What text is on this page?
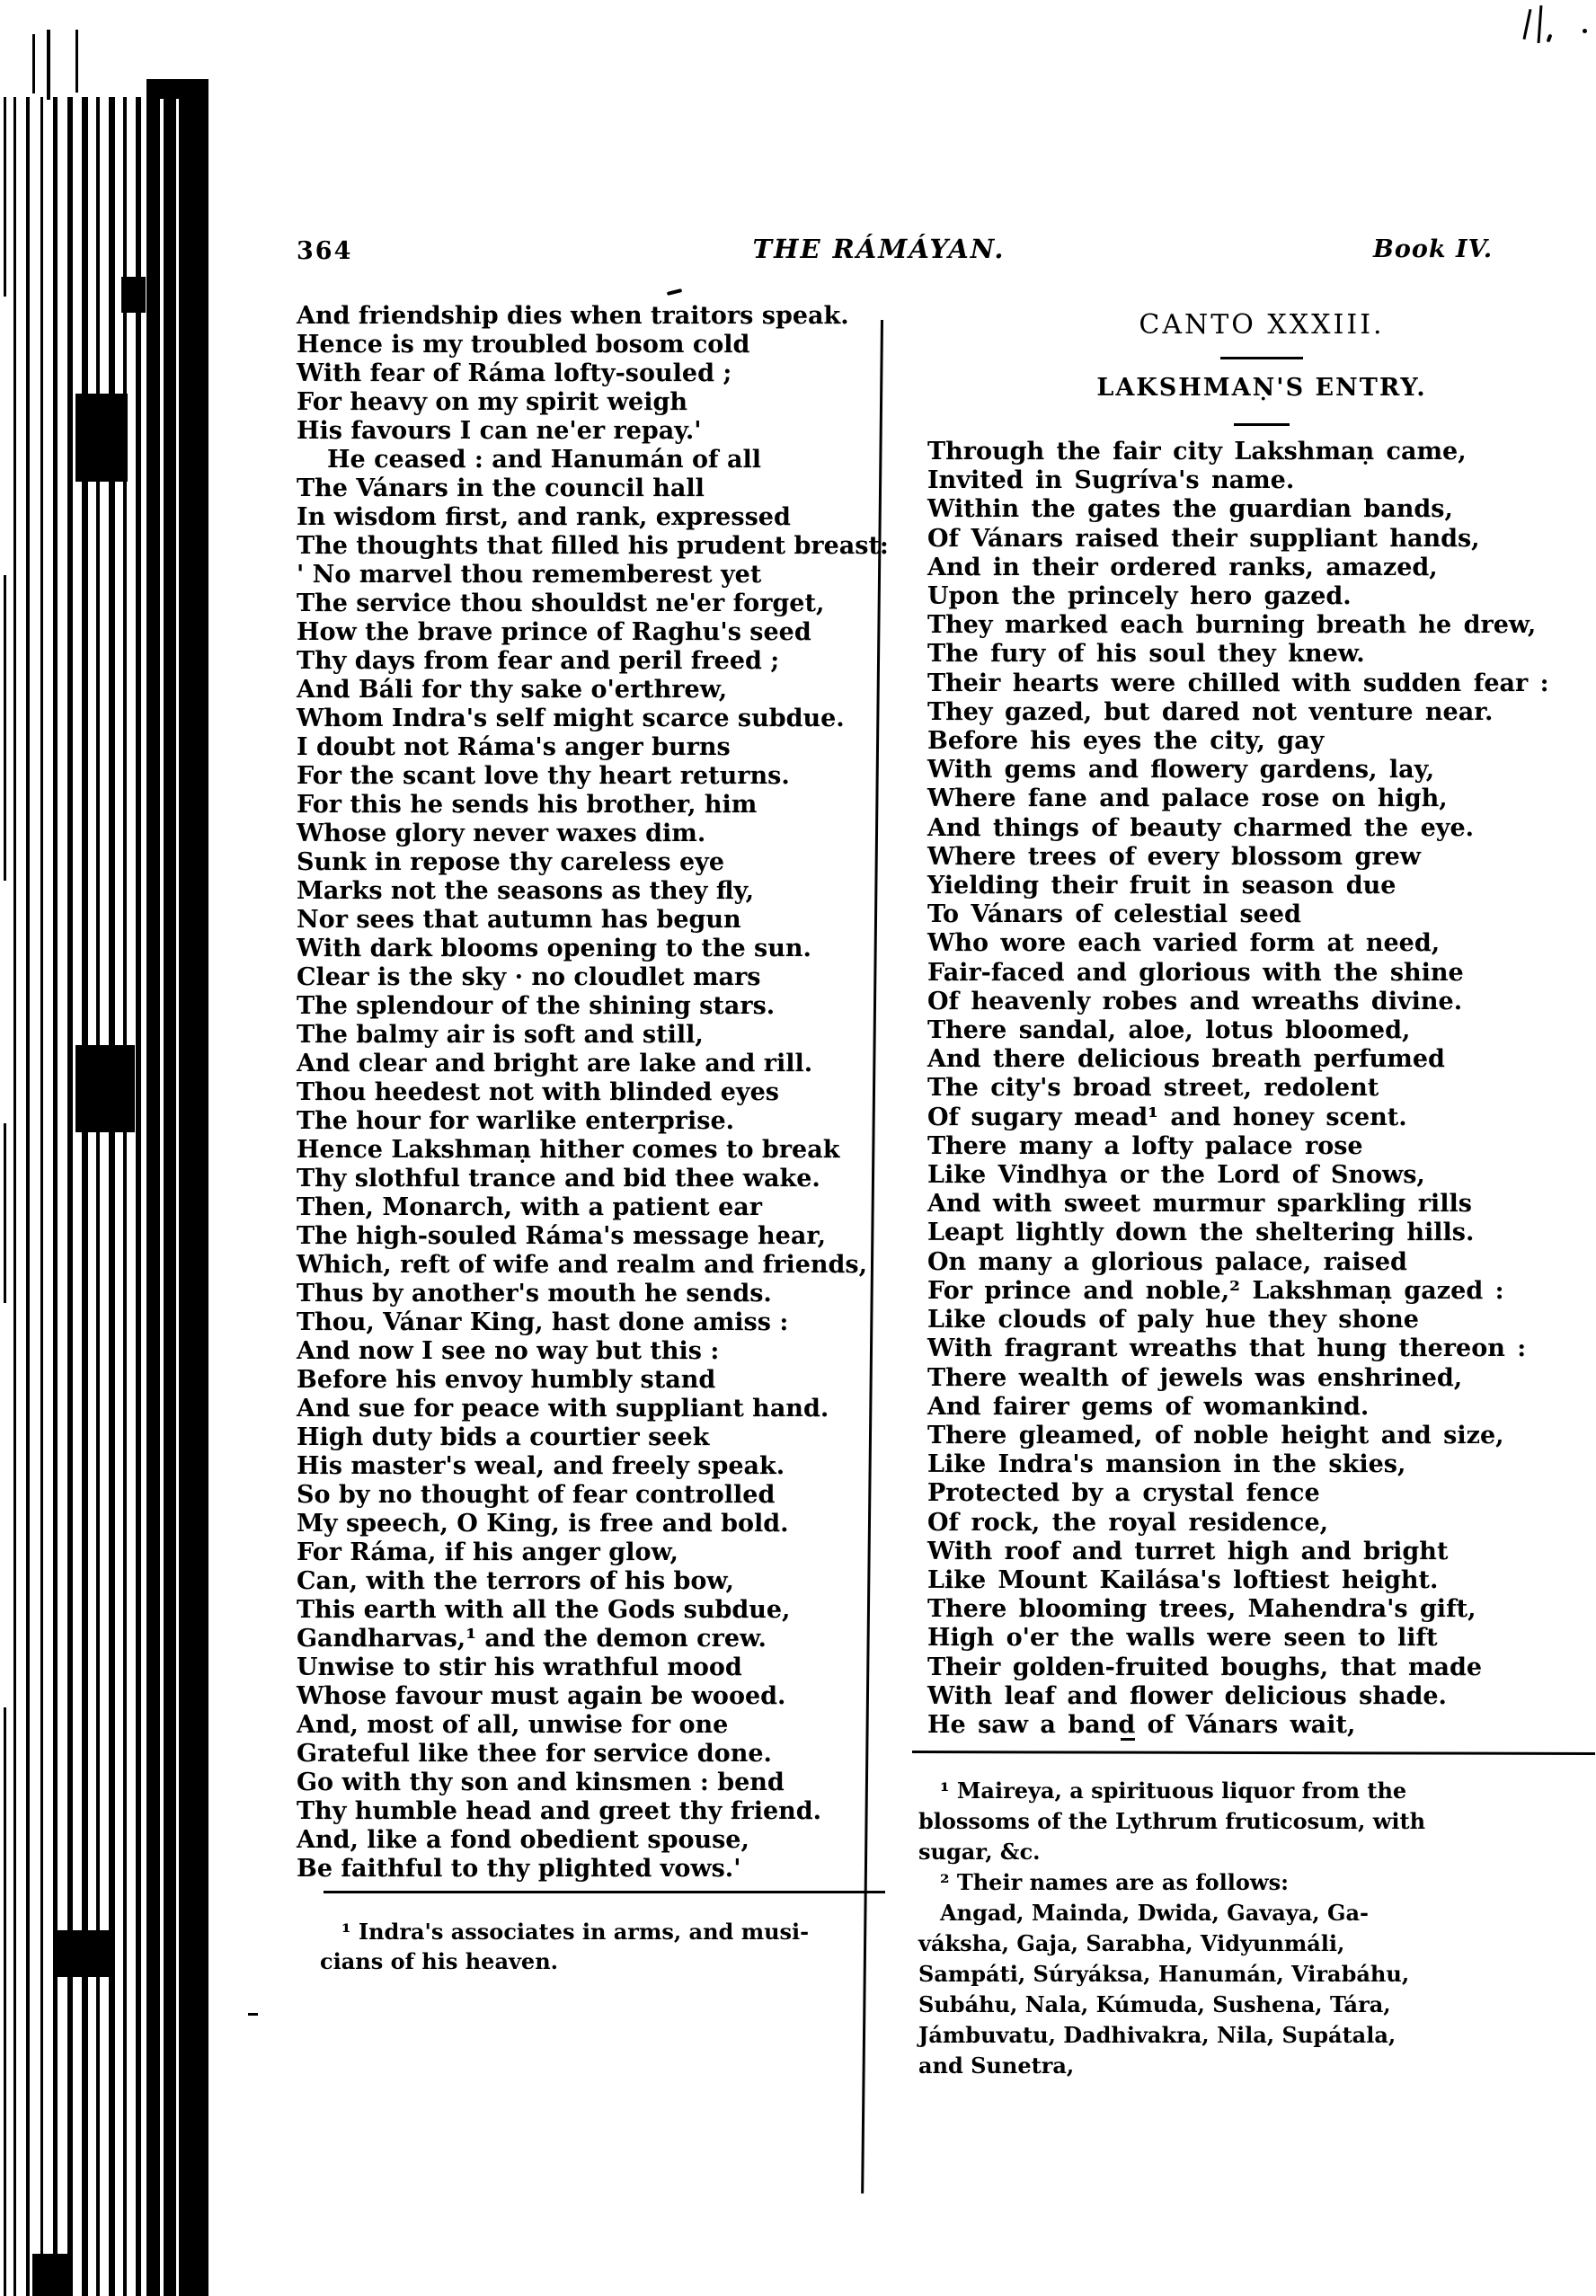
364	THE RÁMÁYAN.	Book IV.
And friendship dies when traitors speak.
Hence is my troubled bosom cold
With fear of Ráma lofty-souled ;
For heavy on my spirit weigh
His favours I can ne'er repay.'
He ceased : and Hanumán of all
The Vánars in the council hall
In wisdom first, and rank, expressed
The thoughts that filled his prudent breast:
' No marvel thou rememberest yet
The service thou shouldst ne'er forget,
How the brave prince of Raghu's seed
Thy days from fear and peril freed ;
And Báli for thy sake o'erthrew,
Whom Indra's self might scarce subdue.
I doubt not Ráma's anger burns
For the scant love thy heart returns.
For this he sends his brother, him
Whose glory never waxes dim.
Sunk in repose thy careless eye
Marks not the seasons as they fly,
Nor sees that autumn has begun
With dark blooms opening to the sun.
Clear is the sky · no cloudlet mars
The splendour of the shining stars.
The balmy air is soft and still,
And clear and bright are lake and rill.
Thou heedest not with blinded eyes
The hour for warlike enterprise.
Hence Lakshmaṇ hither comes to break
Thy slothful trance and bid thee wake.
Then, Monarch, with a patient ear
The high-souled Ráma's message hear,
Which, reft of wife and realm and friends,
Thus by another's mouth he sends.
Thou, Vánar King, hast done amiss :
And now I see no way but this :
Before his envoy humbly stand
And sue for peace with suppliant hand.
High duty bids a courtier seek
His master's weal, and freely speak.
So by no thought of fear controlled
My speech, O King, is free and bold.
For Ráma, if his anger glow,
Can, with the terrors of his bow,
This earth with all the Gods subdue,
Gandharvas,¹ and the demon crew.
Unwise to stir his wrathful mood
Whose favour must again be wooed.
And, most of all, unwise for one
Grateful like thee for service done.
Go with thy son and kinsmen : bend
Thy humble head and greet thy friend.
And, like a fond obedient spouse,
Be faithful to thy plighted vows.'
¹ Indra's associates in arms, and musi-
cians of his heaven.
CANTO XXXIII.
LAKSHMAṆ'S ENTRY.
Through the fair city Lakshmaṇ came,
Invited in Sugríva's name.
Within the gates the guardian bands,
Of Vánars raised their suppliant hands,
And in their ordered ranks, amazed,
Upon the princely hero gazed.
They marked each burning breath he drew,
The fury of his soul they knew.
Their hearts were chilled with sudden fear :
They gazed, but dared not venture near.
Before his eyes the city, gay
With gems and flowery gardens, lay,
Where fane and palace rose on high,
And things of beauty charmed the eye.
Where trees of every blossom grew
Yielding their fruit in season due
To Vánars of celestial seed
Who wore each varied form at need,
Fair-faced and glorious with the shine
Of heavenly robes and wreaths divine.
There sandal, aloe, lotus bloomed,
And there delicious breath perfumed
The city's broad street, redolent
Of sugary mead¹ and honey scent.
There many a lofty palace rose
Like Vindhya or the Lord of Snows,
And with sweet murmur sparkling rills
Leapt lightly down the sheltering hills.
On many a glorious palace, raised
For prince and noble,² Lakshmaṇ gazed :
Like clouds of paly hue they shone
With fragrant wreaths that hung thereon :
There wealth of jewels was enshrined,
And fairer gems of womankind.
There gleamed, of noble height and size,
Like Indra's mansion in the skies,
Protected by a crystal fence
Of rock, the royal residence,
With roof and turret high and bright
Like Mount Kailása's loftiest height.
There blooming trees, Mahendra's gift,
High o'er the walls were seen to lift
Their golden-fruited boughs, that made
With leaf and flower delicious shade.
He saw a band of Vánars wait,
¹ Maireya, a spirituous liquor from the
blossoms of the Lythrum fruticosum, with
sugar, &c.
² Their names are as follows:
Angad, Mainda, Dwida, Gavaya, Ga-
váksha, Gaja, Sarabha, Vidyunmáli,
Sampáti, Súryáksa, Hanumán, Virabáhu,
Subáhu, Nala, Kúmuda, Sushena, Tára,
Jámbuvatu, Dadhivakra, Nila, Supátala,
and Sunetra,
